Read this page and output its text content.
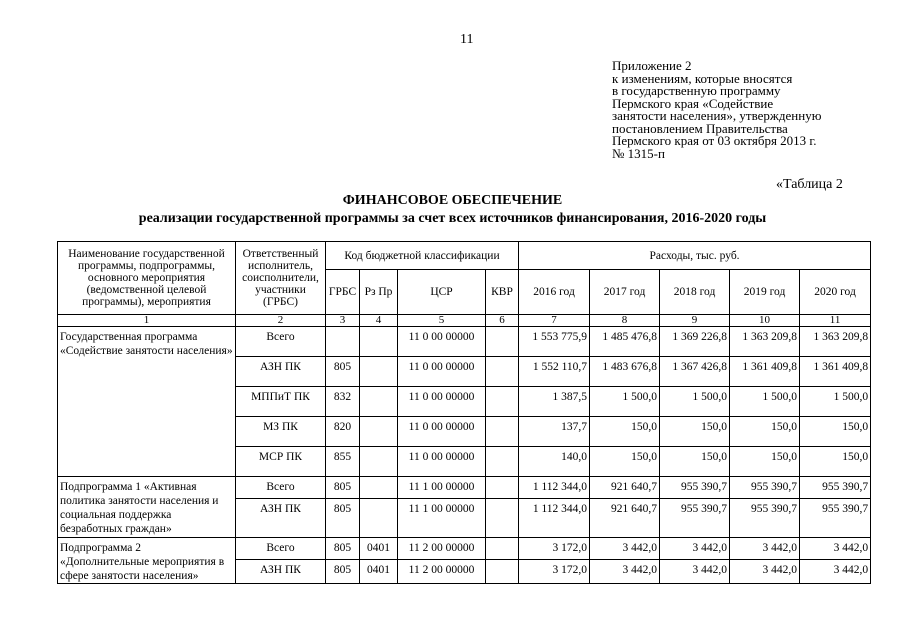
11
Приложение 2
к изменениям, которые вносятся
в государственную программу
Пермского края «Содействие
занятости населения», утвержденную
постановлением Правительства
Пермского края от 03 октября 2013 г.
№ 1315-п
«Таблица 2
ФИНАНСОВОЕ ОБЕСПЕЧЕНИЕ
реализации государственной программы за счет всех источников финансирования, 2016-2020 годы
Наименование государственной программы, подпрограммы, основного мероприятия (ведомственной целевой программы), мероприятия	Ответственный исполнитель, соисполнители, участники (ГРБС)	Код бюджетной классификации				Расходы, тыс. руб.				
		ГРБС	Рз Пр	ЦСР	КВР	2016 год	2017 год	2018 год	2019 год	2020 год
1	2	3	4	5	6	7	8	9	10	11
Государственная программа «Содействие занятости населения»	Всего			11 0 00 00000		1 553 775,9	1 485 476,8	1 369 226,8	1 363 209,8	1 363 209,8
	АЗН ПК	805		11 0 00 00000		1 552 110,7	1 483 676,8	1 367 426,8	1 361 409,8	1 361 409,8
	МППиТ ПК	832		11 0 00 00000		1 387,5	1 500,0	1 500,0	1 500,0	1 500,0
	МЗ ПК	820		11 0 00 00000		137,7	150,0	150,0	150,0	150,0
	МСР ПК	855		11 0 00 00000		140,0	150,0	150,0	150,0	150,0
Подпрограмма 1 «Активная политика занятости населения и социальная поддержка безработных граждан»	Всего	805		11 1 00 00000		1 112 344,0	921 640,7	955 390,7	955 390,7	955 390,7
	АЗН ПК	805		11 1 00 00000		1 112 344,0	921 640,7	955 390,7	955 390,7	955 390,7
Подпрограмма 2 «Дополнительные мероприятия в сфере занятости населения»	Всего	805	0401	11 2 00 00000		3 172,0	3 442,0	3 442,0	3 442,0	3 442,0
	АЗН ПК	805	0401	11 2 00 00000		3 172,0	3 442,0	3 442,0	3 442,0	3 442,0
